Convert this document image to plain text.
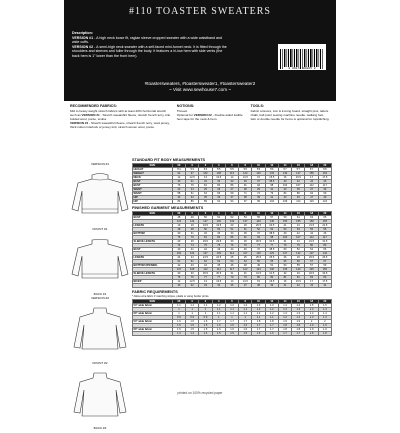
#110 TOASTER SWEATERS
Description:
VERSION #1 - A high neck loose fit, raglan sleeve cropped sweater with a wide waistband and wide cuffs.
VERSION #2 - A semi-high neck sweater with a self-faced mini-funnel neck. It is fitted through the shoulders and sleeves and fuller through the body. It features a hi-low hem with side vents (the back hem is 1" lower than the front hem).
8 09174 00005 2
#toastersweaters, #toastersweater1, #toastersweater2
~ Visit www.sewhouse7.com ~
RECOMMENDED FABRICS:
Mid to heavy weight stretch fabrics with at least 20% horizontal stretch such as VERSION #1 - Stretch sweatshirt fleece, stretch french terry, knit bolded wool, ponte, scuba.
VERSION #2 - Stretch sweatshirt fleece, stretch french terry, wool jersey, thick cotton interlock or jersey knit, stretch woven wool, ponte.
NOTIONS:
Thread.
Optional for VERSION #2 - Double-sided fusible hem tape for the neck & hem.
TOOLS:
Fabric scissors, iron & ironing board, straight pins, tailors chalk, ball point sewing machine needle, walking foot, twin or double needle for hems is optional for topstitching.
VERSION #1
FRONT #1
BACK #1
VERSION #2
FRONT #2
BACK #2
STANDARD FIT BODY MEASUREMENTS
SIZE	00	0	2	4	6	8	10	12	14	16	18	20
HEIGHT	5'4	5'4	5'4	5'5	5'5	5'6	5'6	5'6	5'7	5'7	5'7	5'8
WEIGHT	92	97	102	108	113	120	126	133	140	147	155	163
NECK	12	12.5	13	13.5	14	14.5	15	15.5	16	16.5	17	17.5
BUST	30	31	32	33	34	36	37	38.5	40	42	44	46
BUST	76	79	81	84	86	91	94	98	102	107	112	117
WAIST	23	24	25	26	27	28	29	31	33	35	37	39
WAIST	58	61	64	66	69	71	74	79	84	89	94	99
HIP	33	34	35	36	37	38	39	41	43	45	47	49
HIP	84	86	89	91	94	97	99	104	109	114	119	124
FINISHED GARMENT MEASUREMENTS
SIZE	00	0	2	4	6	8	10	12	14	16	18	20
BUST	48	49	50	51	52	54	55	57	59	61	63	65
	122	124	127	130	132	137	140	145	150	155	160	165
LENGTH	19	19	19.5	19.5	20	20	20.5	20.5	21	21	21.5	21.5
	48	48	50	50	51	51	52	52	53	53	55	55
BOTTOM	30	31	32	33	34	36	37	38.5	40	42	44	46
	76	79	81	84	86	91	94	98	102	107	112	117
SLEEVE LENGTH	29	29	29.5	29.5	30	30	30.5	30.5	31	31	31.5	31.5
	74	74	75	75	76	76	77	77	79	79	80	80
BUST	40	41	42	43	44	46	47	48.5	50	52	54	56
	102	104	107	109	112	117	119	123	127	132	137	142
LENGTH	24	24	24.5	24.5	25	25	25.5	25.5	26	26	26.5	26.5
	61	61	62	62	64	64	65	65	66	66	67	67
BOTTOM OPENING	42	43	44	45	46	48	49	51	53	55	57	59
	107	109	112	114	117	122	124	130	135	140	145	150
SLEEVE LENGTH	30	30	30.5	30.5	31	31	31.5	31.5	32	32	32.5	32.5
	76	76	77	77	79	79	80	80	81	81	83	83
BICEP	12	12.5	13	13.5	14	14.5	15	15.5	16	16.5	17	17.5
	30	32	33	34	36	37	38	39	41	42	43	44
FABRIC REQUIREMENTS
* Allow extra fabric if matching stripes, plaids or using border prints.
SIZE	00	0	2	4	6	8	10	12	14	16	18	20
54" wide fabric	1.1	1.1	1.1	1.2	1.2	1.2	1.3	1.3	1.4	1.4	1.5	1.5
	1	1	1	1.1	1.1	1.1	1.2	1.2	1.3	1.3	1.4	1.4
60" wide fabric	1	1	1	1.1	1.1	1.1	1.2	1.2	1.3	1.3	1.4	1.4
	0.9	0.9	0.9	1	1	1	1.1	1.1	1.2	1.2	1.3	1.3
54" wide fabric	1.6	1.6	1.6	1.7	1.7	1.7	1.8	1.8	1.9	1.9	2	2
	1.5	1.5	1.5	1.6	1.6	1.6	1.7	1.7	1.8	1.8	1.9	1.9
60" wide fabric	1.5	1.5	1.5	1.6	1.6	1.6	1.7	1.7	1.8	1.8	1.9	1.9
	1.4	1.4	1.4	1.5	1.5	1.5	1.6	1.6	1.7	1.7	1.8	1.8
printed on 100% recycled paper
